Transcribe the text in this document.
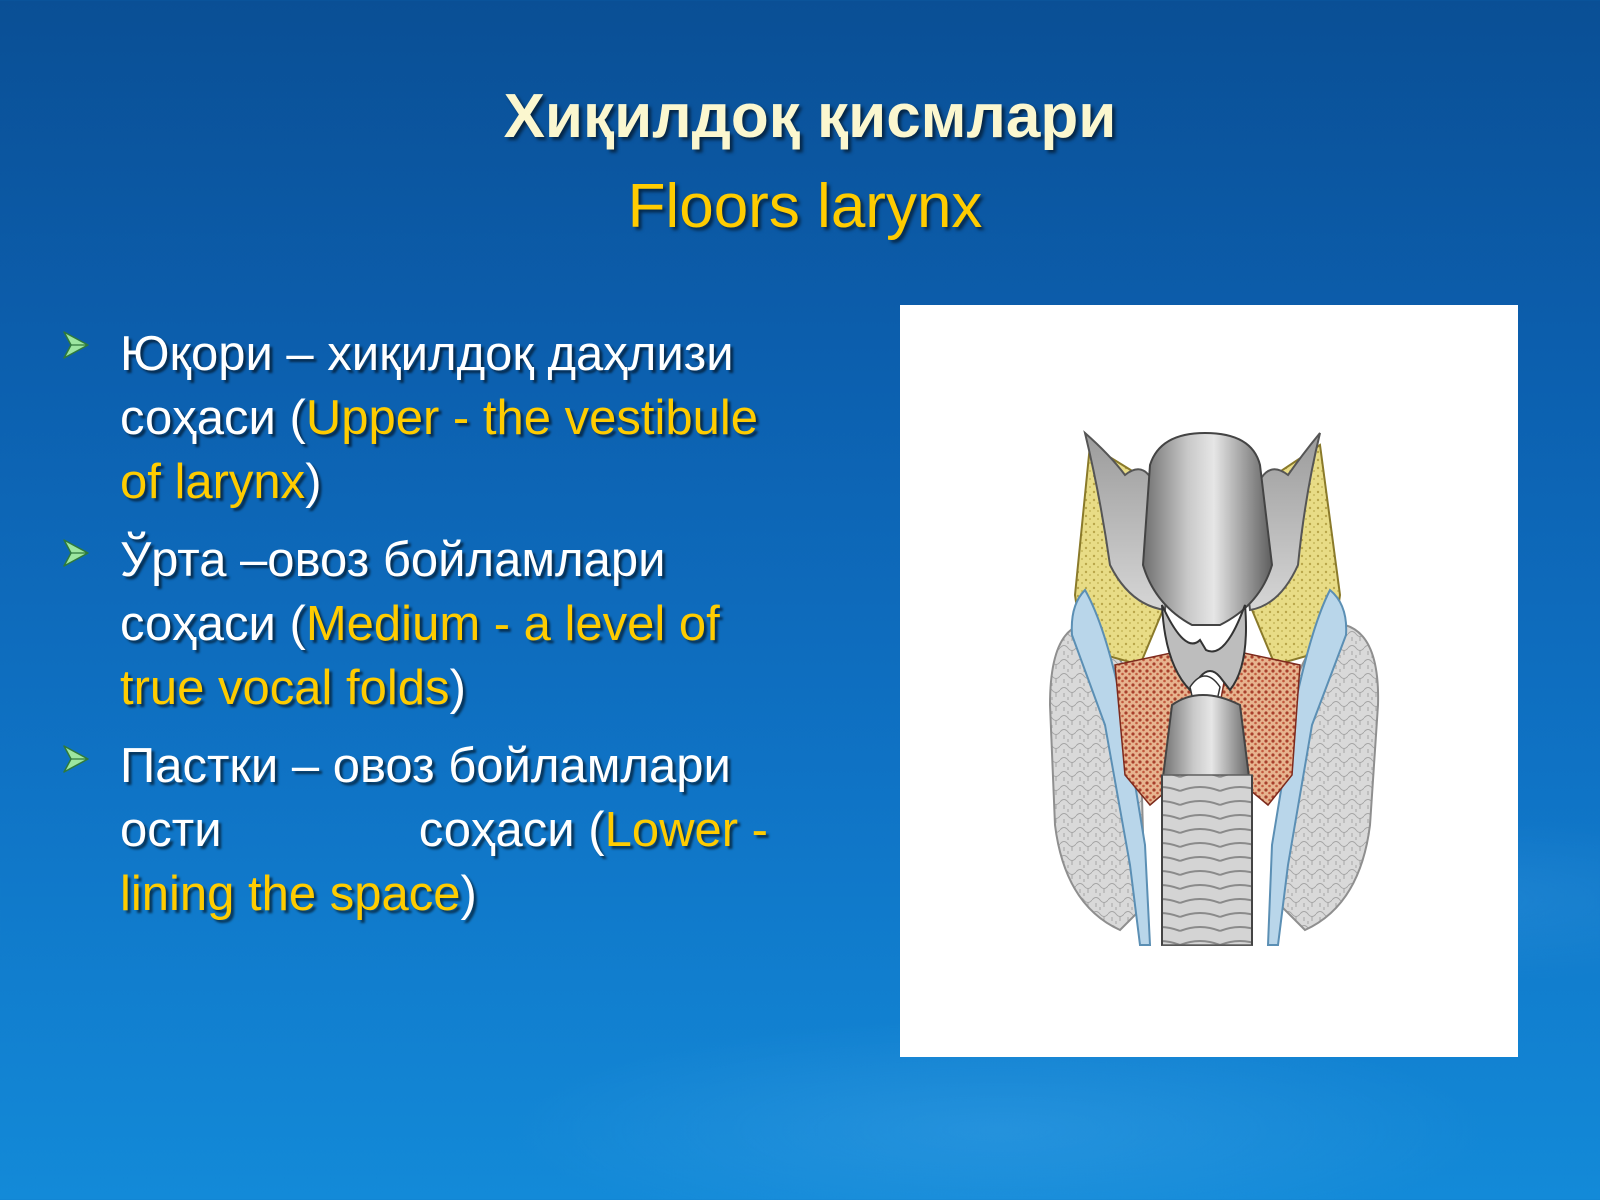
Хиқилдоқ қисмлари
Floors larynx
Юқори – хиқилдоқ даҳлизи
соҳаси (Upper - the vestibule
of larynx)
Ўрта –овоз бойламлари
соҳаси (Medium - a level of
true vocal folds)
Пастки – овоз бойламлари
ости	соҳаси (Lower -
lining the space)
